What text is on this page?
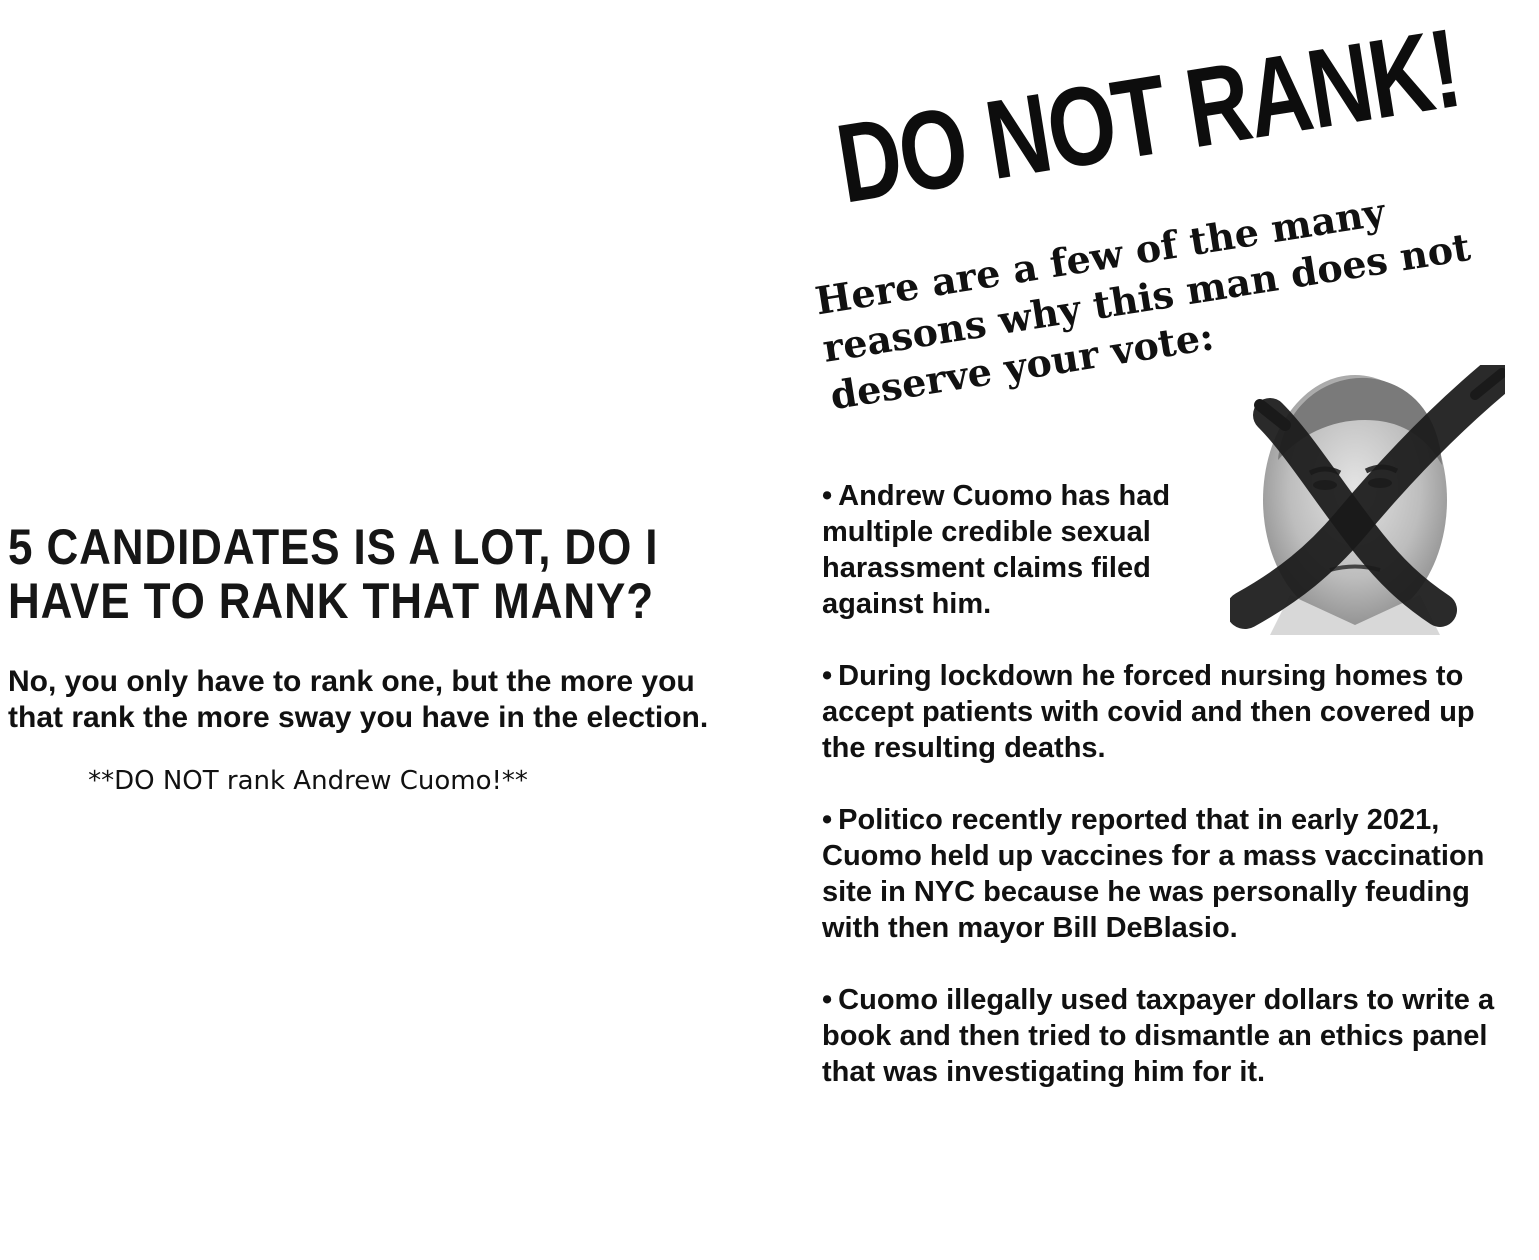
5 CANDIDATES IS A LOT, DO I
HAVE TO RANK THAT MANY?

No, you only have to rank one, but the more you that rank the more sway you have in the election.

**DO NOT rank Andrew Cuomo!**

DO NOT RANK!

Here are a few of the many reasons why this man does not deserve your vote:

• Andrew Cuomo has had multiple credible sexual harassment claims filed against him.
• During lockdown he forced nursing homes to accept patients with covid and then covered up the resulting deaths.
• Politico recently reported that in early 2021, Cuomo held up vaccines for a mass vaccination site in NYC because he was personally feuding with then mayor Bill DeBlasio.
• Cuomo illegally used taxpayer dollars to write a book and then tried to dismantle an ethics panel that was investigating him for it.
